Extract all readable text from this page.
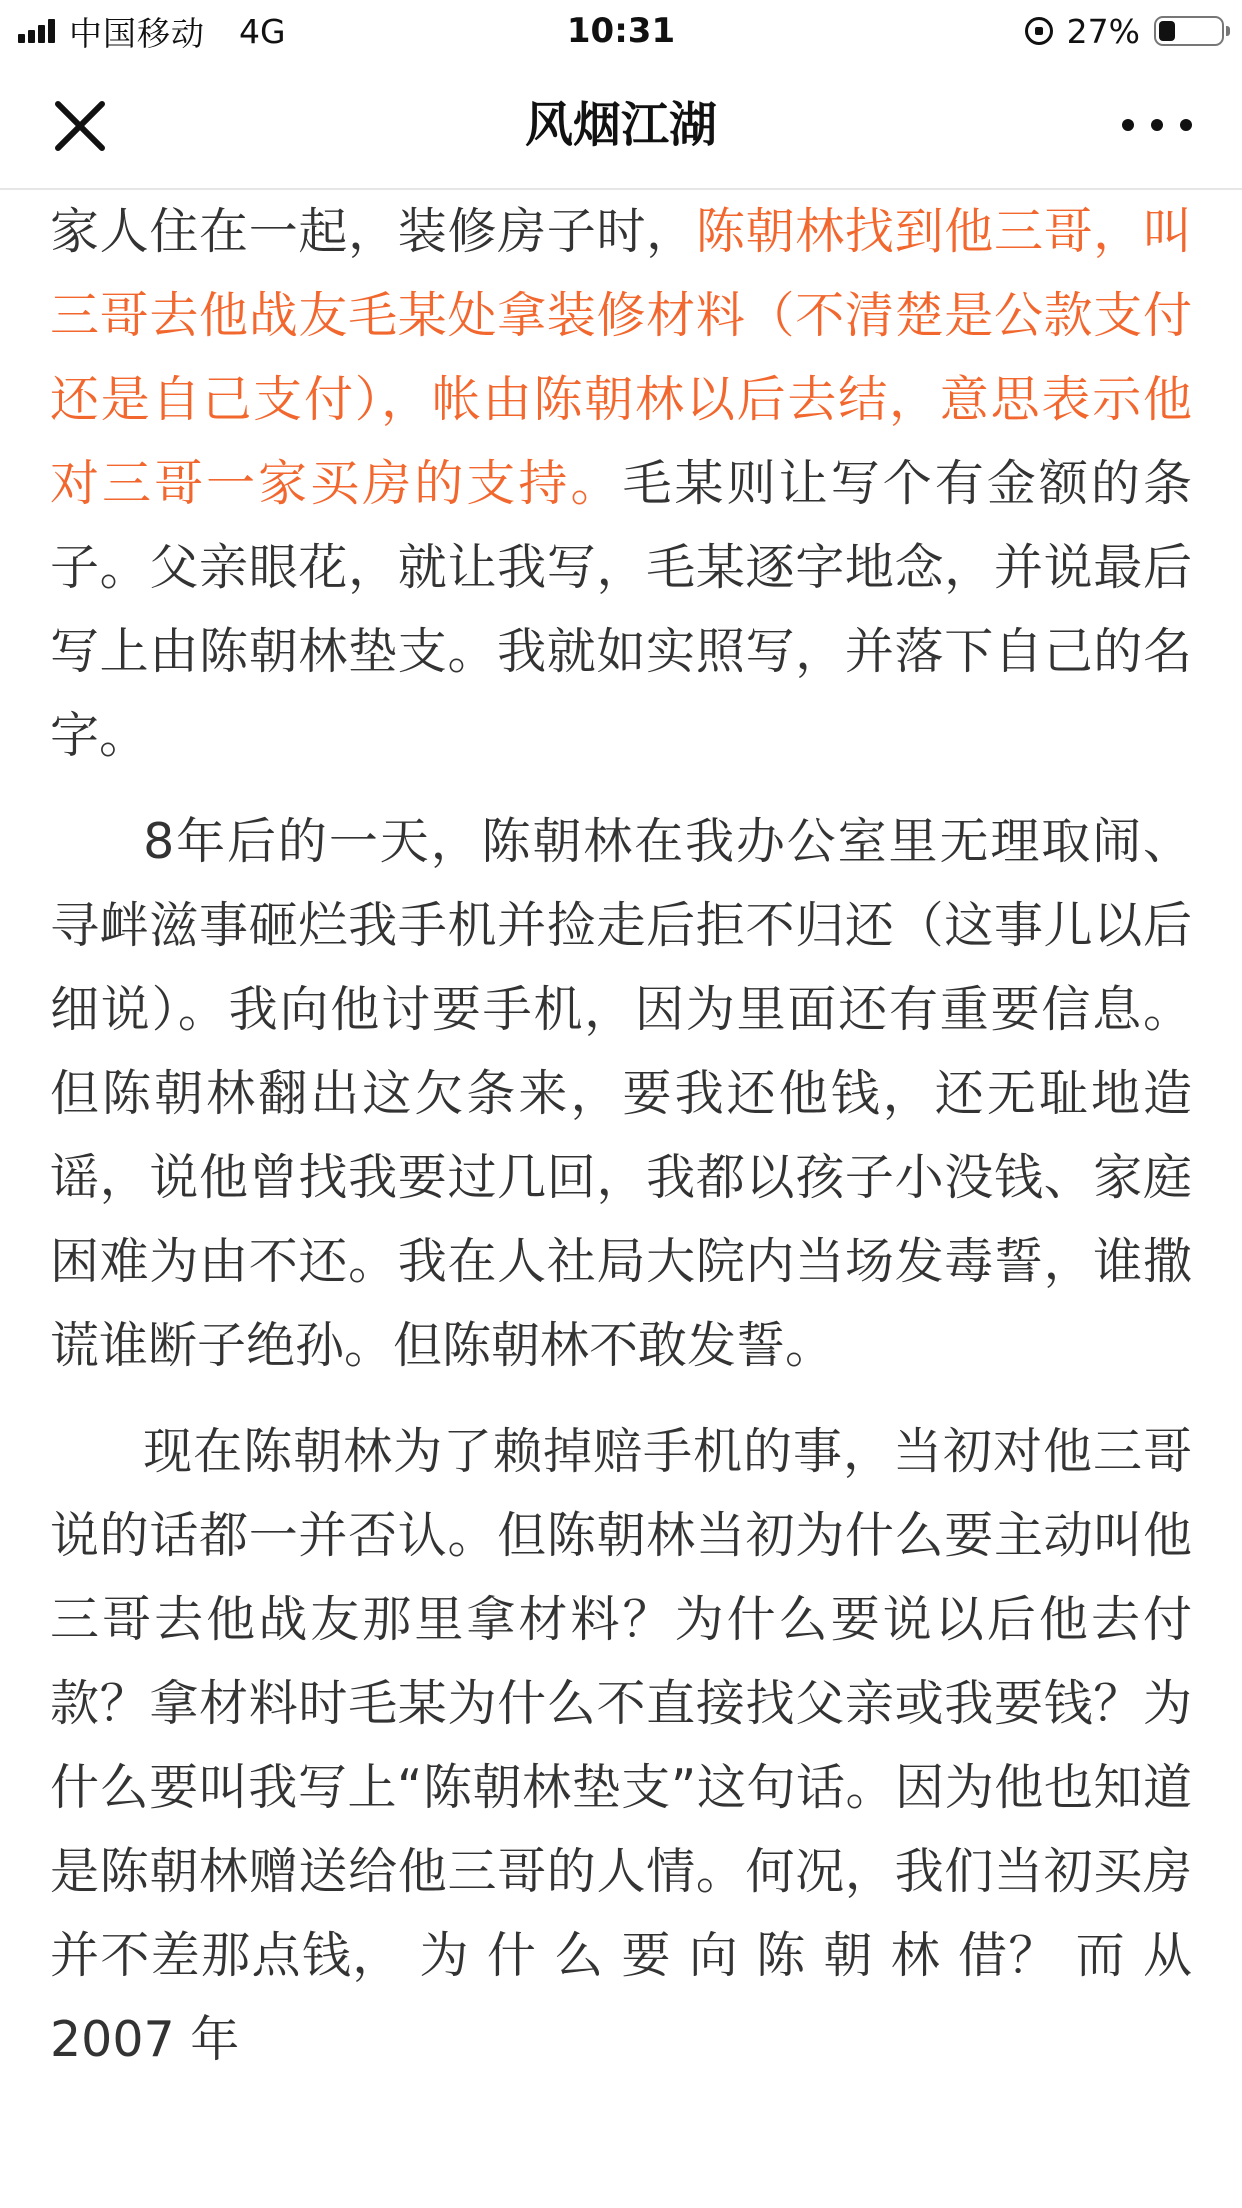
中国移动 4G	10:31	27%
风烟江湖

家人住在一起，装修房子时，陈朝林找到他三哥，叫三哥去他战友毛某处拿装修材料（不清楚是公款支付还是自己支付），帐由陈朝林以后去结，意思表示他对三哥一家买房的支持。毛某则让写个有金额的条子。父亲眼花，就让我写，毛某逐字地念，并说最后写上由陈朝林垫支。我就如实照写，并落下自己的名字。

8年后的一天，陈朝林在我办公室里无理取闹、寻衅滋事砸烂我手机并捡走后拒不归还（这事儿以后细说）。我向他讨要手机，因为里面还有重要信息。但陈朝林翻出这欠条来，要我还他钱，还无耻地造谣，说他曾找我要过几回，我都以孩子小没钱、家庭困难为由不还。我在人社局大院内当场发毒誓，谁撒谎谁断子绝孙。但陈朝林不敢发誓。

现在陈朝林为了赖掉赔手机的事，当初对他三哥说的话都一并否认。但陈朝林当初为什么要主动叫他三哥去他战友那里拿材料？为什么要说以后他去付款？拿材料时毛某为什么不直接找父亲或我要钱？为什么要叫我写上“陈朝林垫支”这句话。因为他也知道是陈朝林赠送给他三哥的人情。何况，我们当初买房并不差那点钱， 为 什 么 要 向 陈 朝 林 借？ 而 从 2007 年
